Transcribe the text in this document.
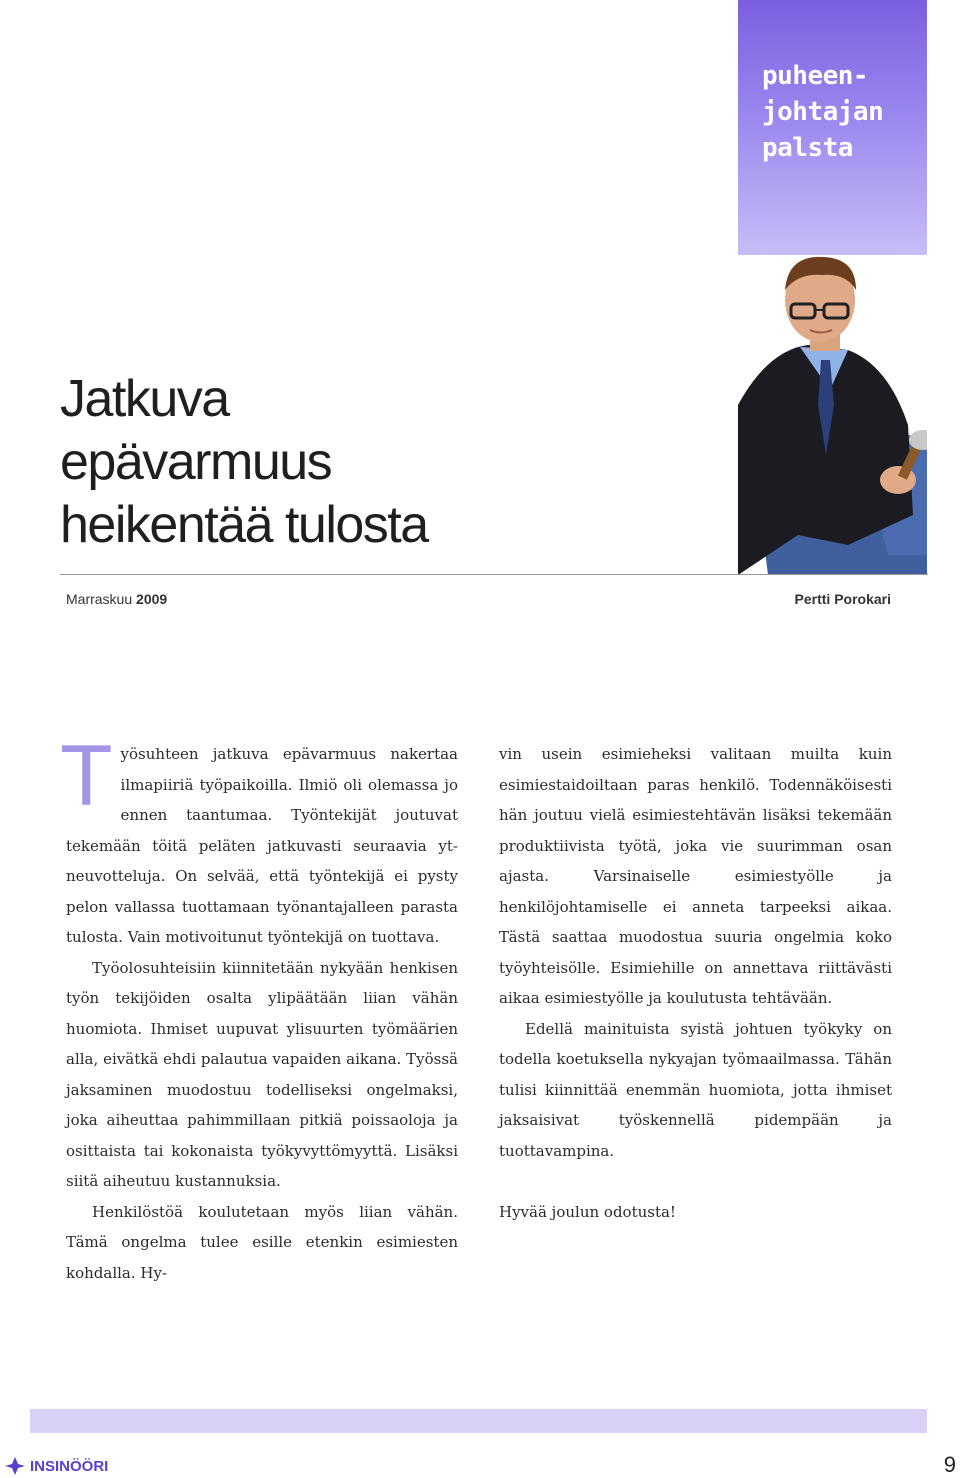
puheen-
johtajan
palsta
Jatkuva
epävarmuus
heikentää tulosta

Marraskuu 2009	Pertti Porokari

Työsuhteen jatkuva epävarmuus nakertaa ilmapiiriä työpaikoilla. Ilmiö oli olemassa jo ennen taantumaa. Työntekijät joutuvat tekemään töitä peläten jatkuvasti seuraavia yt-neuvotteluja. On selvää, että työntekijä ei pysty pelon vallassa tuottamaan työnantajalleen parasta tulosta. Vain motivoitunut työntekijä on tuottava.

Työolosuhteisiin kiinnitetään nykyään henkisen työn tekijöiden osalta ylipäätään liian vähän huomiota. Ihmiset uupuvat ylisuurten työmäärien alla, eivätkä ehdi palautua vapaiden aikana. Työssä jaksaminen muodostuu todelliseksi ongelmaksi, joka aiheuttaa pahimmillaan pitkiä poissaoloja ja osittaista tai kokonaista työkyvyttömyyttä. Lisäksi siitä aiheutuu kustannuksia.

Henkilöstöä koulutetaan myös liian vähän. Tämä ongelma tulee esille etenkin esimiesten kohdalla. Hy-

vin usein esimieheksi valitaan muilta kuin esimiestaidoiltaan paras henkilö. Todennäköisesti hän joutuu vielä esimiestehtävän lisäksi tekemään produktiivista työtä, joka vie suurimman osan ajasta. Varsinaiselle esimiestyölle ja henkilöjohtamiselle ei anneta tarpeeksi aikaa. Tästä saattaa muodostua suuria ongelmia koko työyhteisölle. Esimiehille on annettava riittävästi aikaa esimiestyölle ja koulutusta tehtävään.

Edellä mainituista syistä johtuen työkyky on todella koetuksella nykyajan työmaailmassa. Tähän tulisi kiinnittää enemmän huomiota, jotta ihmiset jaksaisivat työskennellä pidempään ja tuottavampina.

Hyvää joulun odotusta!

INSINÖÖRI	9
